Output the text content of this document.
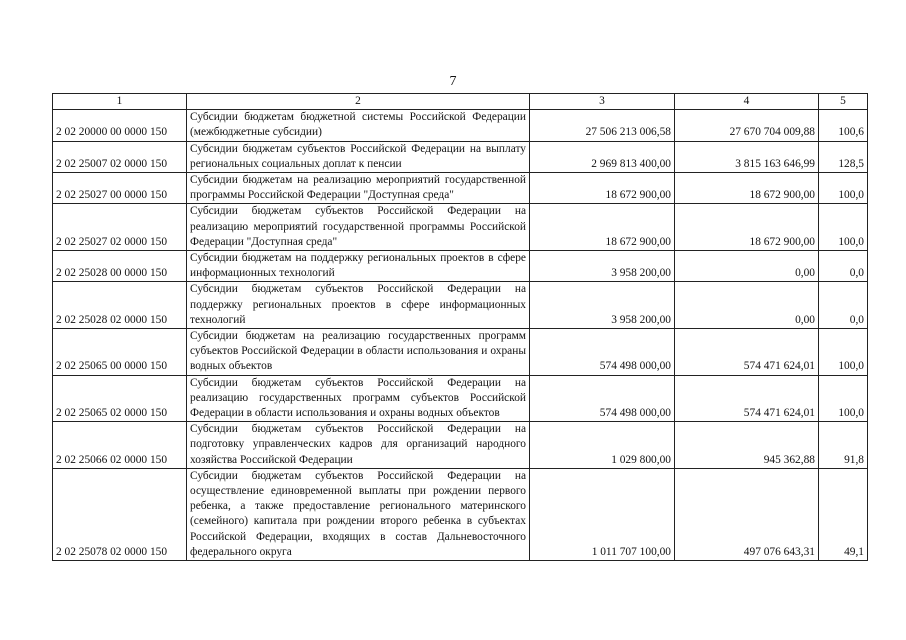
7
1	2	3	4	5
2 02 20000 00 0000 150	Субсидии бюджетам бюджетной системы Российской Федерации (межбюджетные субсидии)	27 506 213 006,58	27 670 704 009,88	100,6
2 02 25007 02 0000 150	Субсидии бюджетам субъектов Российской Федерации на выплату региональных социальных доплат к пенсии	2 969 813 400,00	3 815 163 646,99	128,5
2 02 25027 00 0000 150	Субсидии бюджетам на реализацию мероприятий государственной программы Российской Федерации "Доступная среда"	18 672 900,00	18 672 900,00	100,0
2 02 25027 02 0000 150	Субсидии бюджетам субъектов Российской Федерации на реализацию мероприятий государственной программы Российской Федерации "Доступная среда"	18 672 900,00	18 672 900,00	100,0
2 02 25028 00 0000 150	Субсидии бюджетам на поддержку региональных проектов в сфере информационных технологий	3 958 200,00	0,00	0,0
2 02 25028 02 0000 150	Субсидии бюджетам субъектов Российской Федерации на поддержку региональных проектов в сфере информационных технологий	3 958 200,00	0,00	0,0
2 02 25065 00 0000 150	Субсидии бюджетам на реализацию государственных программ субъектов Российской Федерации в области использования и охраны водных объектов	574 498 000,00	574 471 624,01	100,0
2 02 25065 02 0000 150	Субсидии бюджетам субъектов Российской Федерации на реализацию государственных программ субъектов Российской Федерации в области использования и охраны водных объектов	574 498 000,00	574 471 624,01	100,0
2 02 25066 02 0000 150	Субсидии бюджетам субъектов Российской Федерации на подготовку управленческих кадров для организаций народного хозяйства Российской Федерации	1 029 800,00	945 362,88	91,8
2 02 25078 02 0000 150	Субсидии бюджетам субъектов Российской Федерации на осуществление единовременной выплаты при рождении первого ребенка, а также предоставление регионального материнского (семейного) капитала при рождении второго ребенка в субъектах Российской Федерации, входящих в состав Дальневосточного федерального округа	1 011 707 100,00	497 076 643,31	49,1
